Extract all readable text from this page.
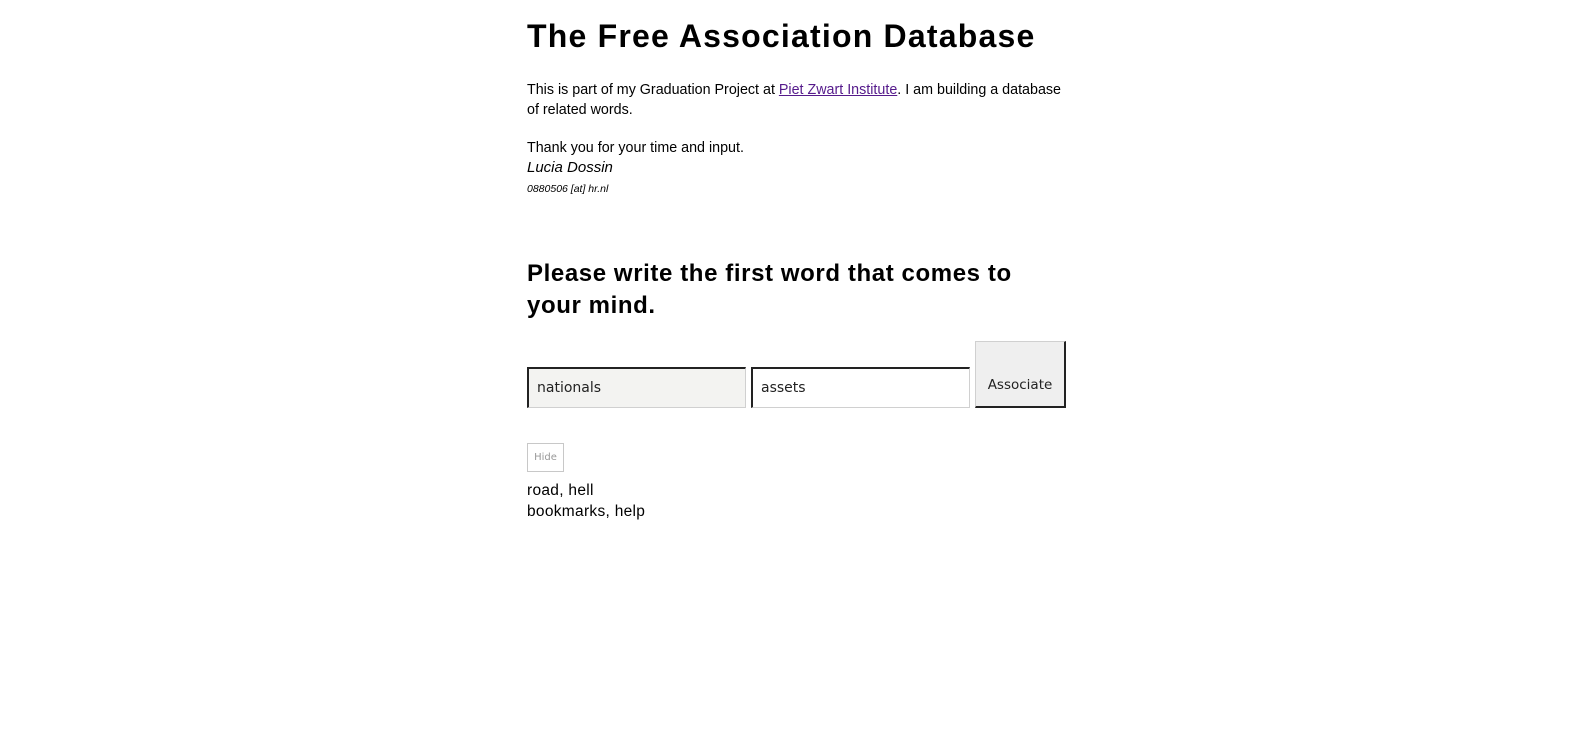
The Free Association Database

This is part of my Graduation Project at Piet Zwart Institute. I am building a database of related words.

Thank you for your time and input.

Lucia Dossin

0880506 [at] hr.nl

Please write the first word that comes to your mind.
nationals
assets
Associate
Hide
road, hell
bookmarks, help
